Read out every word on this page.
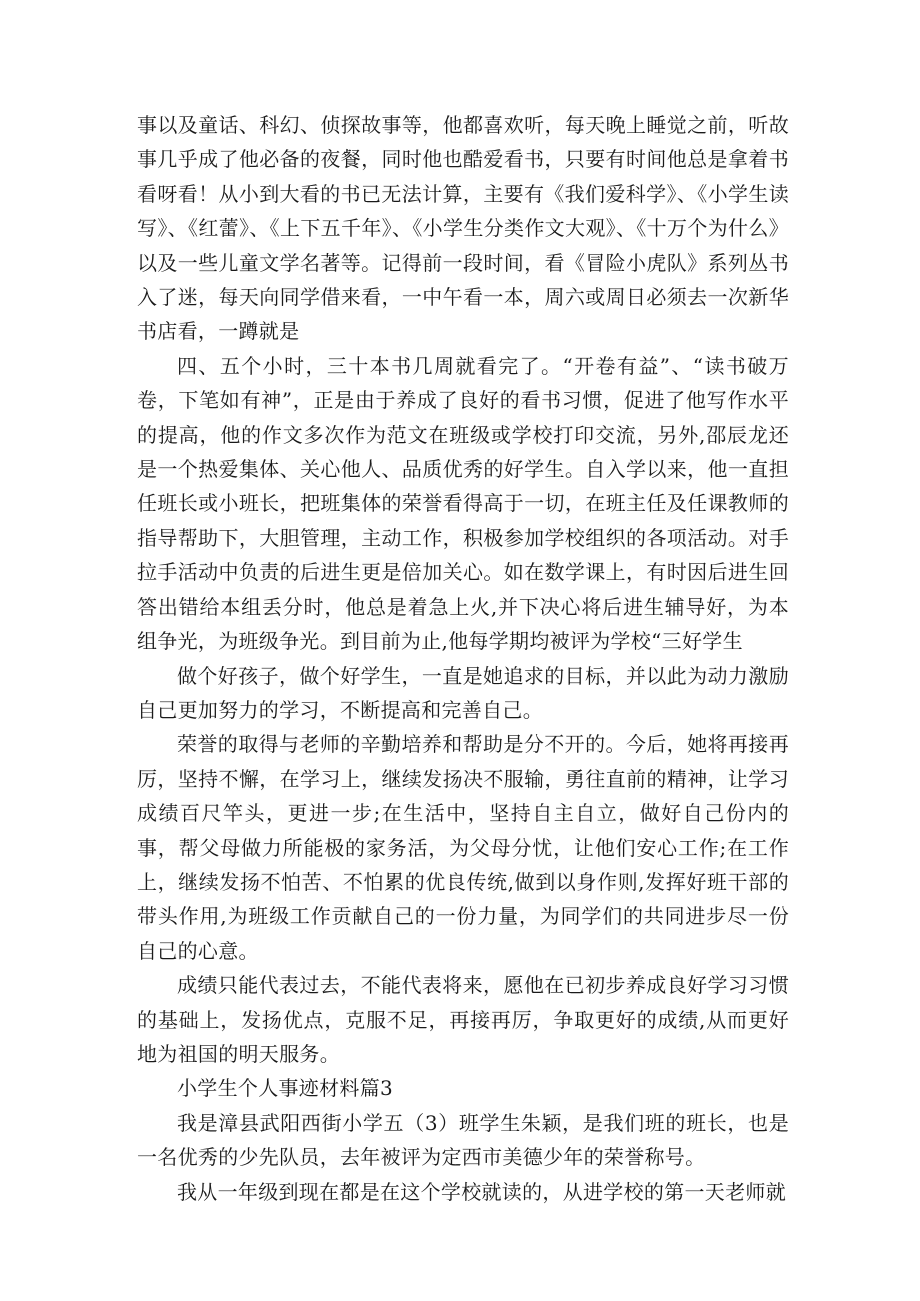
事以及童话、科幻、侦探故事等，他都喜欢听，每天晚上睡觉之前，听故事几乎成了他必备的夜餐，同时他也酷爱看书，只要有时间他总是拿着书看呀看！从小到大看的书已无法计算，主要有《我们爱科学》、《小学生读写》、《红蕾》、《上下五千年》、《小学生分类作文大观》、《十万个为什么》以及一些儿童文学名著等。记得前一段时间，看《冒险小虎队》系列丛书入了迷，每天向同学借来看，一中午看一本，周六或周日必须去一次新华书店看，一蹲就是

四、五个小时，三十本书几周就看完了。“开卷有益”、“读书破万卷，下笔如有神”，正是由于养成了良好的看书习惯，促进了他写作水平的提高，他的作文多次作为范文在班级或学校打印交流，另外,邵辰龙还是一个热爱集体、关心他人、品质优秀的好学生。自入学以来，他一直担任班长或小班长，把班集体的荣誉看得高于一切，在班主任及任课教师的指导帮助下，大胆管理，主动工作，积极参加学校组织的各项活动。对手拉手活动中负责的后进生更是倍加关心。如在数学课上，有时因后进生回答出错给本组丢分时，他总是着急上火,并下决心将后进生辅导好，为本组争光，为班级争光。到目前为止,他每学期均被评为学校“三好学生

做个好孩子，做个好学生，一直是她追求的目标，并以此为动力激励自己更加努力的学习，不断提高和完善自己。

荣誉的取得与老师的辛勤培养和帮助是分不开的。今后，她将再接再厉，坚持不懈，在学习上，继续发扬决不服输，勇往直前的精神，让学习成绩百尺竿头，更进一步;在生活中，坚持自主自立，做好自己份内的事，帮父母做力所能极的家务活，为父母分忧，让他们安心工作;在工作上，继续发扬不怕苦、不怕累的优良传统,做到以身作则,发挥好班干部的带头作用,为班级工作贡献自己的一份力量，为同学们的共同进步尽一份自己的心意。

成绩只能代表过去，不能代表将来，愿他在已初步养成良好学习习惯的基础上，发扬优点，克服不足，再接再厉，争取更好的成绩,从而更好地为祖国的明天服务。

小学生个人事迹材料篇3

我是漳县武阳西街小学五（3）班学生朱颖，是我们班的班长，也是一名优秀的少先队员，去年被评为定西市美德少年的荣誉称号。

我从一年级到现在都是在这个学校就读的，从进学校的第一天老师就
